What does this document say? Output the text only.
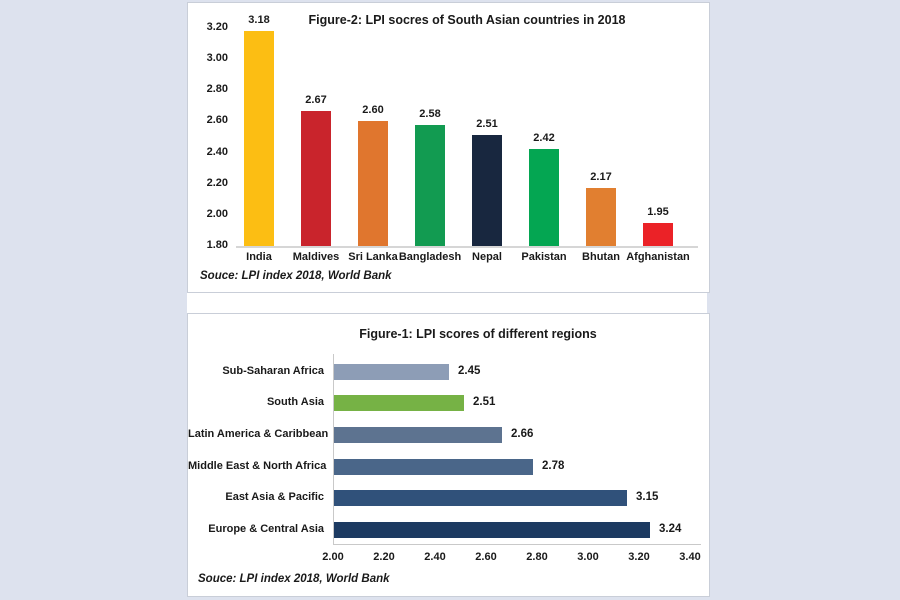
Figure-2: LPI socres of South Asian countries in 2018
3.18
2.67
2.60	2.58
2.51
2.42
2.17
1.95
3.20
3.00
2.80
2.60
2.40
2.20
2.00
1.80
India	Maldives Sri Lanka Bangladesh Nepal	Pakistan	Bhutan Afghanistan
Souce: LPI index 2018, World Bank
Figure-1: LPI scores of different regions
Sub-Saharan Africa	2.45
South Asia	2.51
Latin America & Caribbean	2.66
Middle East & North Africa	2.78
East Asia & Pacific	3.15
Europe & Central Asia	3.24
2.00	2.20	2.40	2.60	2.80	3.00	3.20	3.40
Souce: LPI index 2018, World Bank
